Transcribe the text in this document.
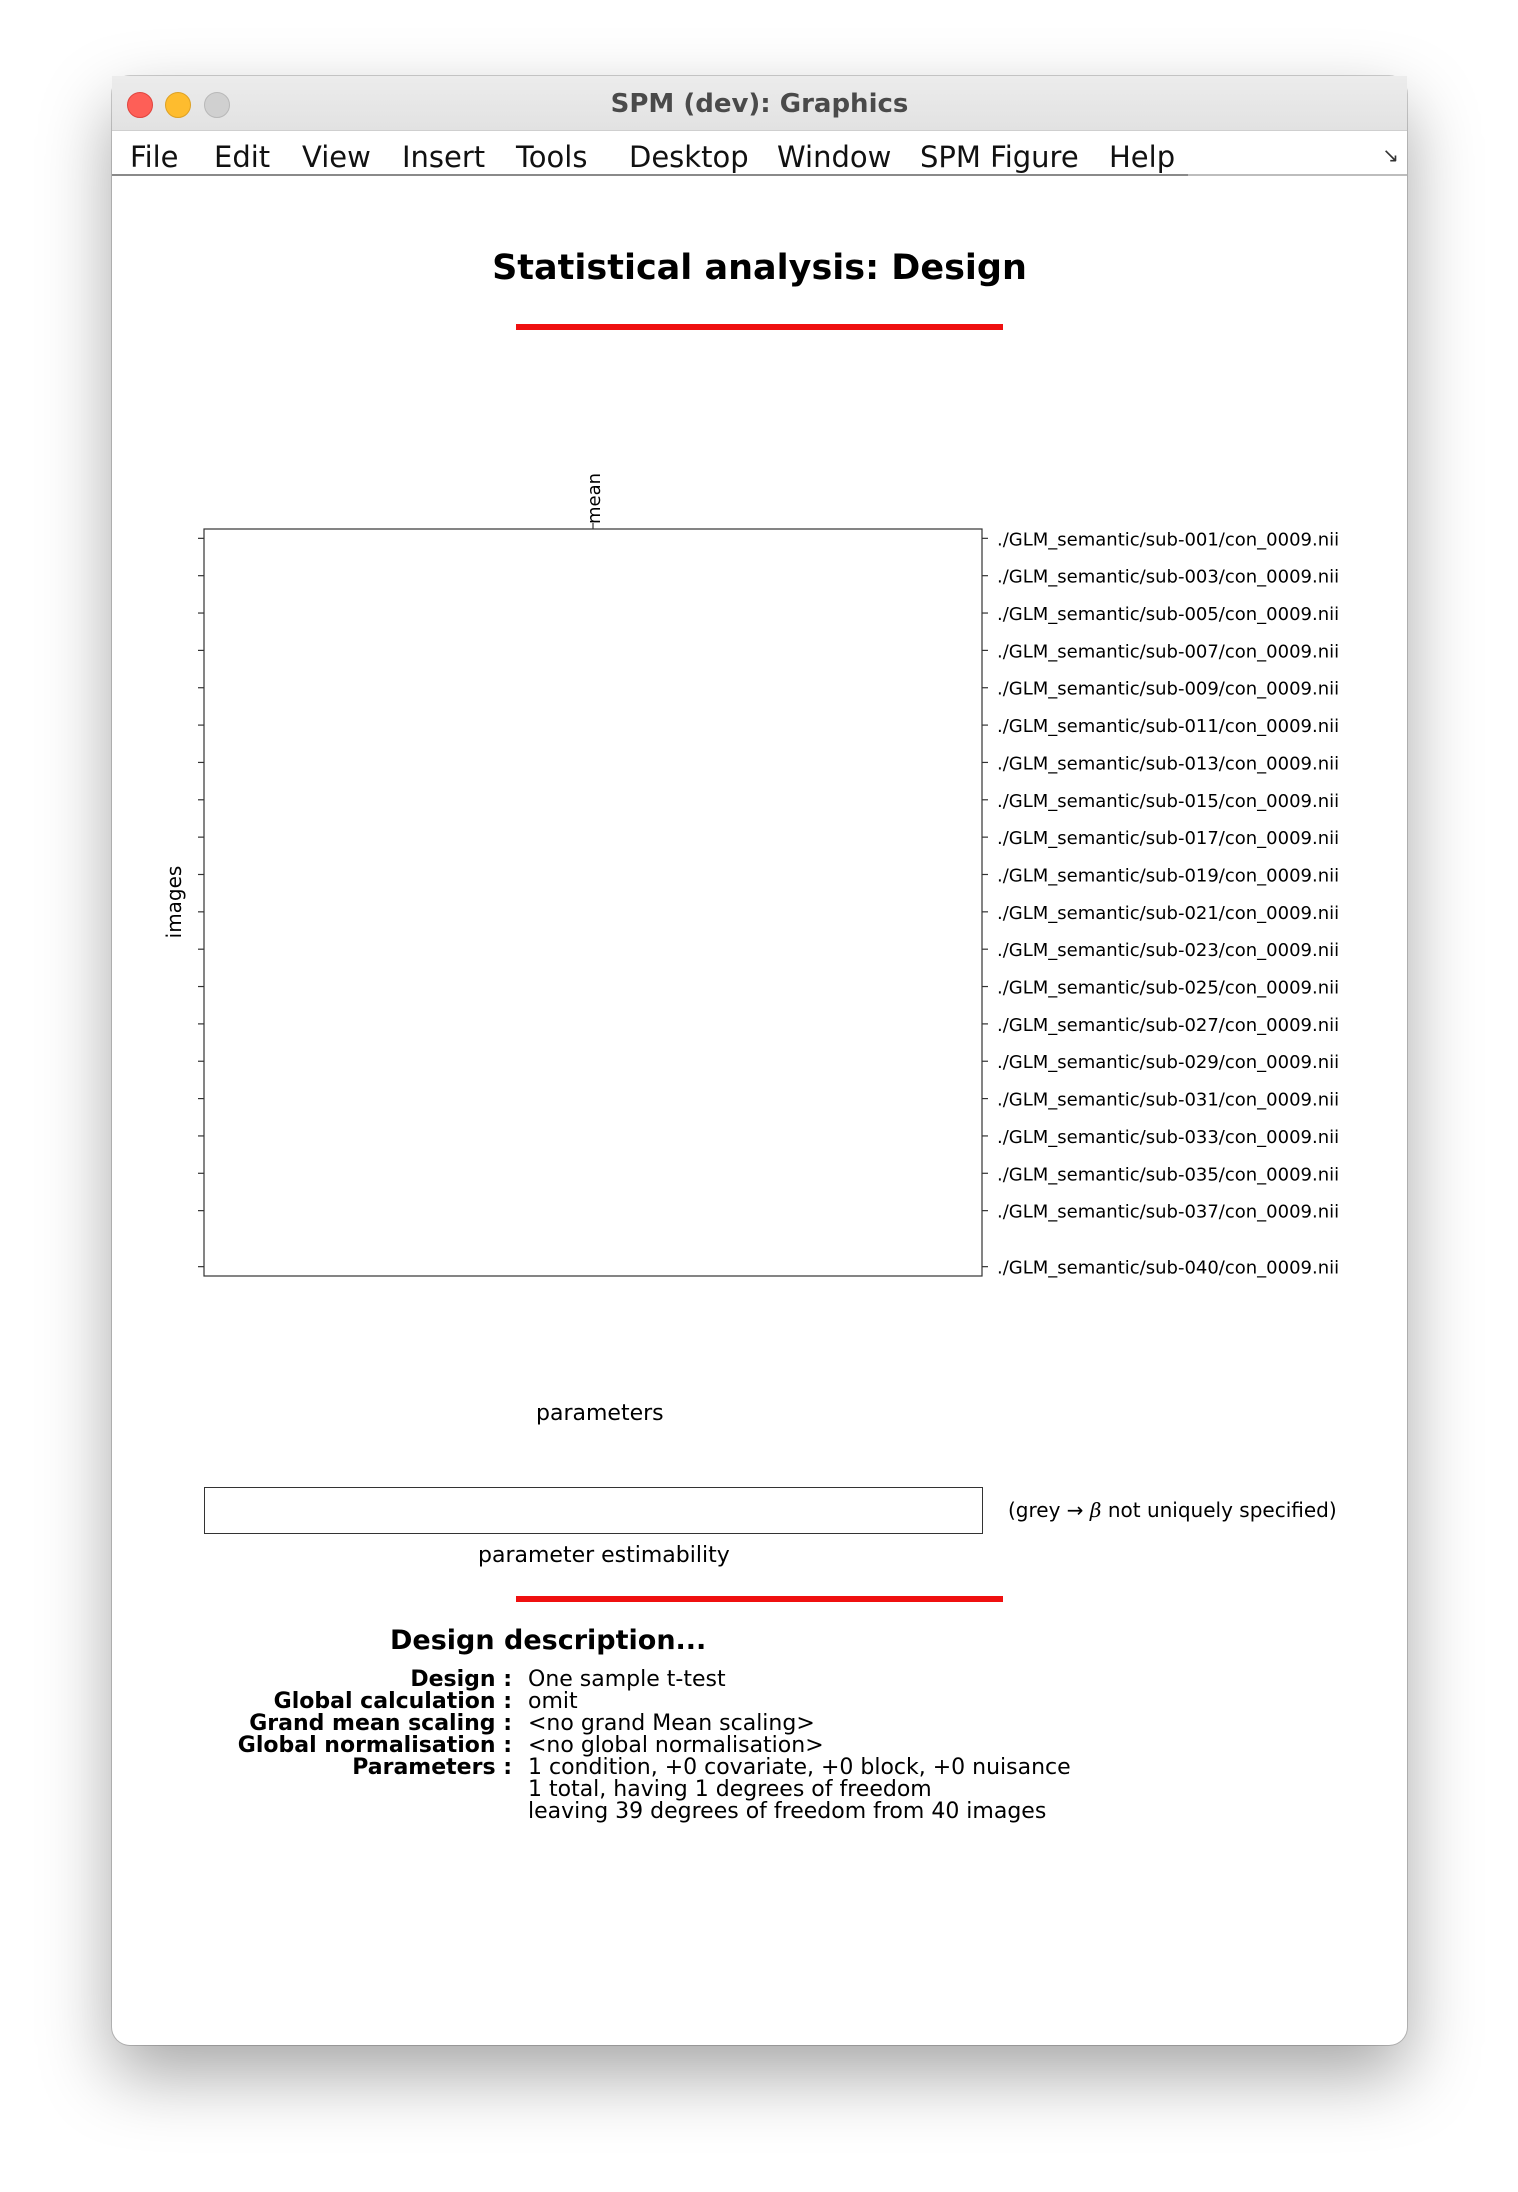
SPM (dev): Graphics
File Edit View Insert Tools Desktop Window SPM Figure Help	↘
Statistical analysis: Design
mean
images
./GLM_semantic/sub-001/con_0009.nii
./GLM_semantic/sub-003/con_0009.nii
./GLM_semantic/sub-005/con_0009.nii
./GLM_semantic/sub-007/con_0009.nii
./GLM_semantic/sub-009/con_0009.nii
./GLM_semantic/sub-011/con_0009.nii
./GLM_semantic/sub-013/con_0009.nii
./GLM_semantic/sub-015/con_0009.nii
./GLM_semantic/sub-017/con_0009.nii
./GLM_semantic/sub-019/con_0009.nii
./GLM_semantic/sub-021/con_0009.nii
./GLM_semantic/sub-023/con_0009.nii
./GLM_semantic/sub-025/con_0009.nii
./GLM_semantic/sub-027/con_0009.nii
./GLM_semantic/sub-029/con_0009.nii
./GLM_semantic/sub-031/con_0009.nii
./GLM_semantic/sub-033/con_0009.nii
./GLM_semantic/sub-035/con_0009.nii
./GLM_semantic/sub-037/con_0009.nii
./GLM_semantic/sub-040/con_0009.nii
parameters
(grey → β not uniquely specified)
parameter estimability
Design description...
Design : One sample t-test
Global calculation : omit
Grand mean scaling : <no grand Mean scaling>
Global normalisation : <no global normalisation>
Parameters : 1 condition, +0 covariate, +0 block, +0 nuisance
1 total, having 1 degrees of freedom
leaving 39 degrees of freedom from 40 images
